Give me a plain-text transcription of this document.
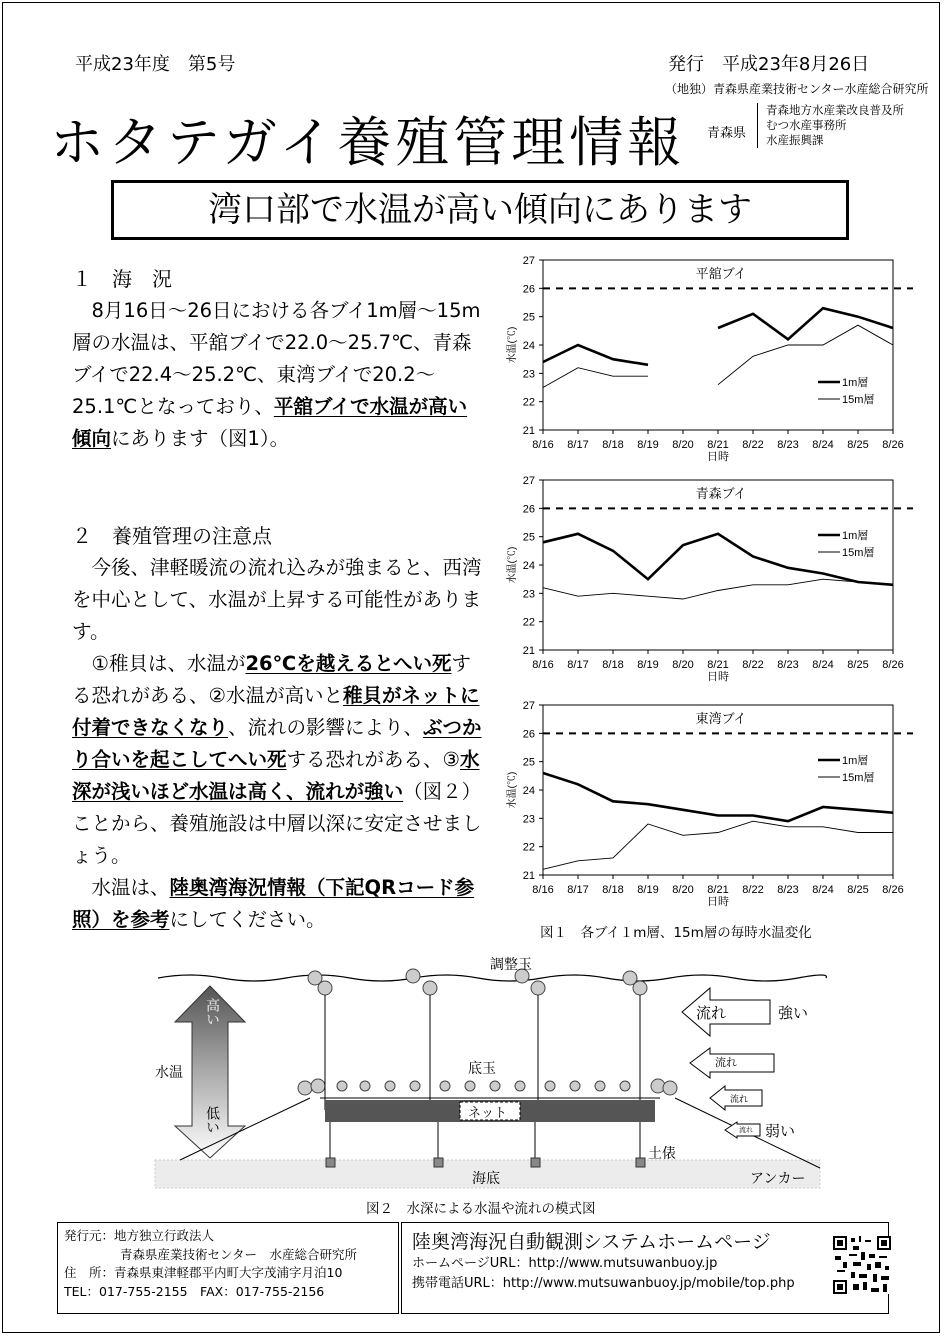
平成23年度　第5号	発行　平成23年8月26日
（地独）青森県産業技術センター水産総合研究所
ホタテガイ養殖管理情報 青森県
青森地方水産業改良普及所
むつ水産事務所
水産振興課
湾口部で水温が高い傾向にあります

１　海　況

　8月16日～26日における各ブイ1m層～15m層の水温は、平舘ブイで22.0～25.7℃、青森ブイで22.4～25.2℃、東湾ブイで20.2～25.1℃となっており、平舘ブイで水温が高い傾向にあります（図1）。

２　養殖管理の注意点

　今後、津軽暖流の流れ込みが強まると、西湾を中心として、水温が上昇する可能性があります。

　①稚貝は、水温が26℃を越えるとへい死する恐れがある、②水温が高いと稚貝がネットに付着できなくなり、流れの影響により、ぶつかり合いを起こしてへい死する恐れがある、③水深が浅いほど水温は高く、流れが強い（図２）ことから、養殖施設は中層以深に安定させましょう。

　水温は、陸奥湾海況情報（下記QRコード参照）を参考にしてください。

21
22
23
24
25
26
27
8/16 8/17 8/18 8/19 8/20 8/21 8/22 8/23 8/24 8/25 8/26
日時
水温(℃)
平舘ブイ
1m層
15m層
21
22
23
24
25
26
27
8/16 8/17 8/18 8/19 8/20 8/21 8/22 8/23 8/24 8/25 8/26
日時
水温(℃)
青森ブイ
1m層
15m層
21
22
23
24
25
26
27
8/16 8/17 8/18 8/19 8/20 8/21 8/22 8/23 8/24 8/25 8/26
日時
水温(℃)
東湾ブイ
1m層
15m層
図１　各ブイ１m層、15m層の毎時水温変化
調整玉
高い
水温
低い
底玉
ネット
土俵
海底	アンカー
流れ
流れ
流れ
流れ
強い
弱い
図２　水深による水温や流れの模式図
発行元：地方独立行政法人
青森県産業技術センター　水産総合研究所
住　所：青森県東津軽郡平内町大字茂浦字月泊10
TEL：017-755-2155　FAX：017-755-2156
陸奥湾海況自動観測システムホームページ
ホームページURL：http://www.mutsuwanbuoy.jp
携帯電話URL：http://www.mutsuwanbuoy.jp/mobile/top.php
